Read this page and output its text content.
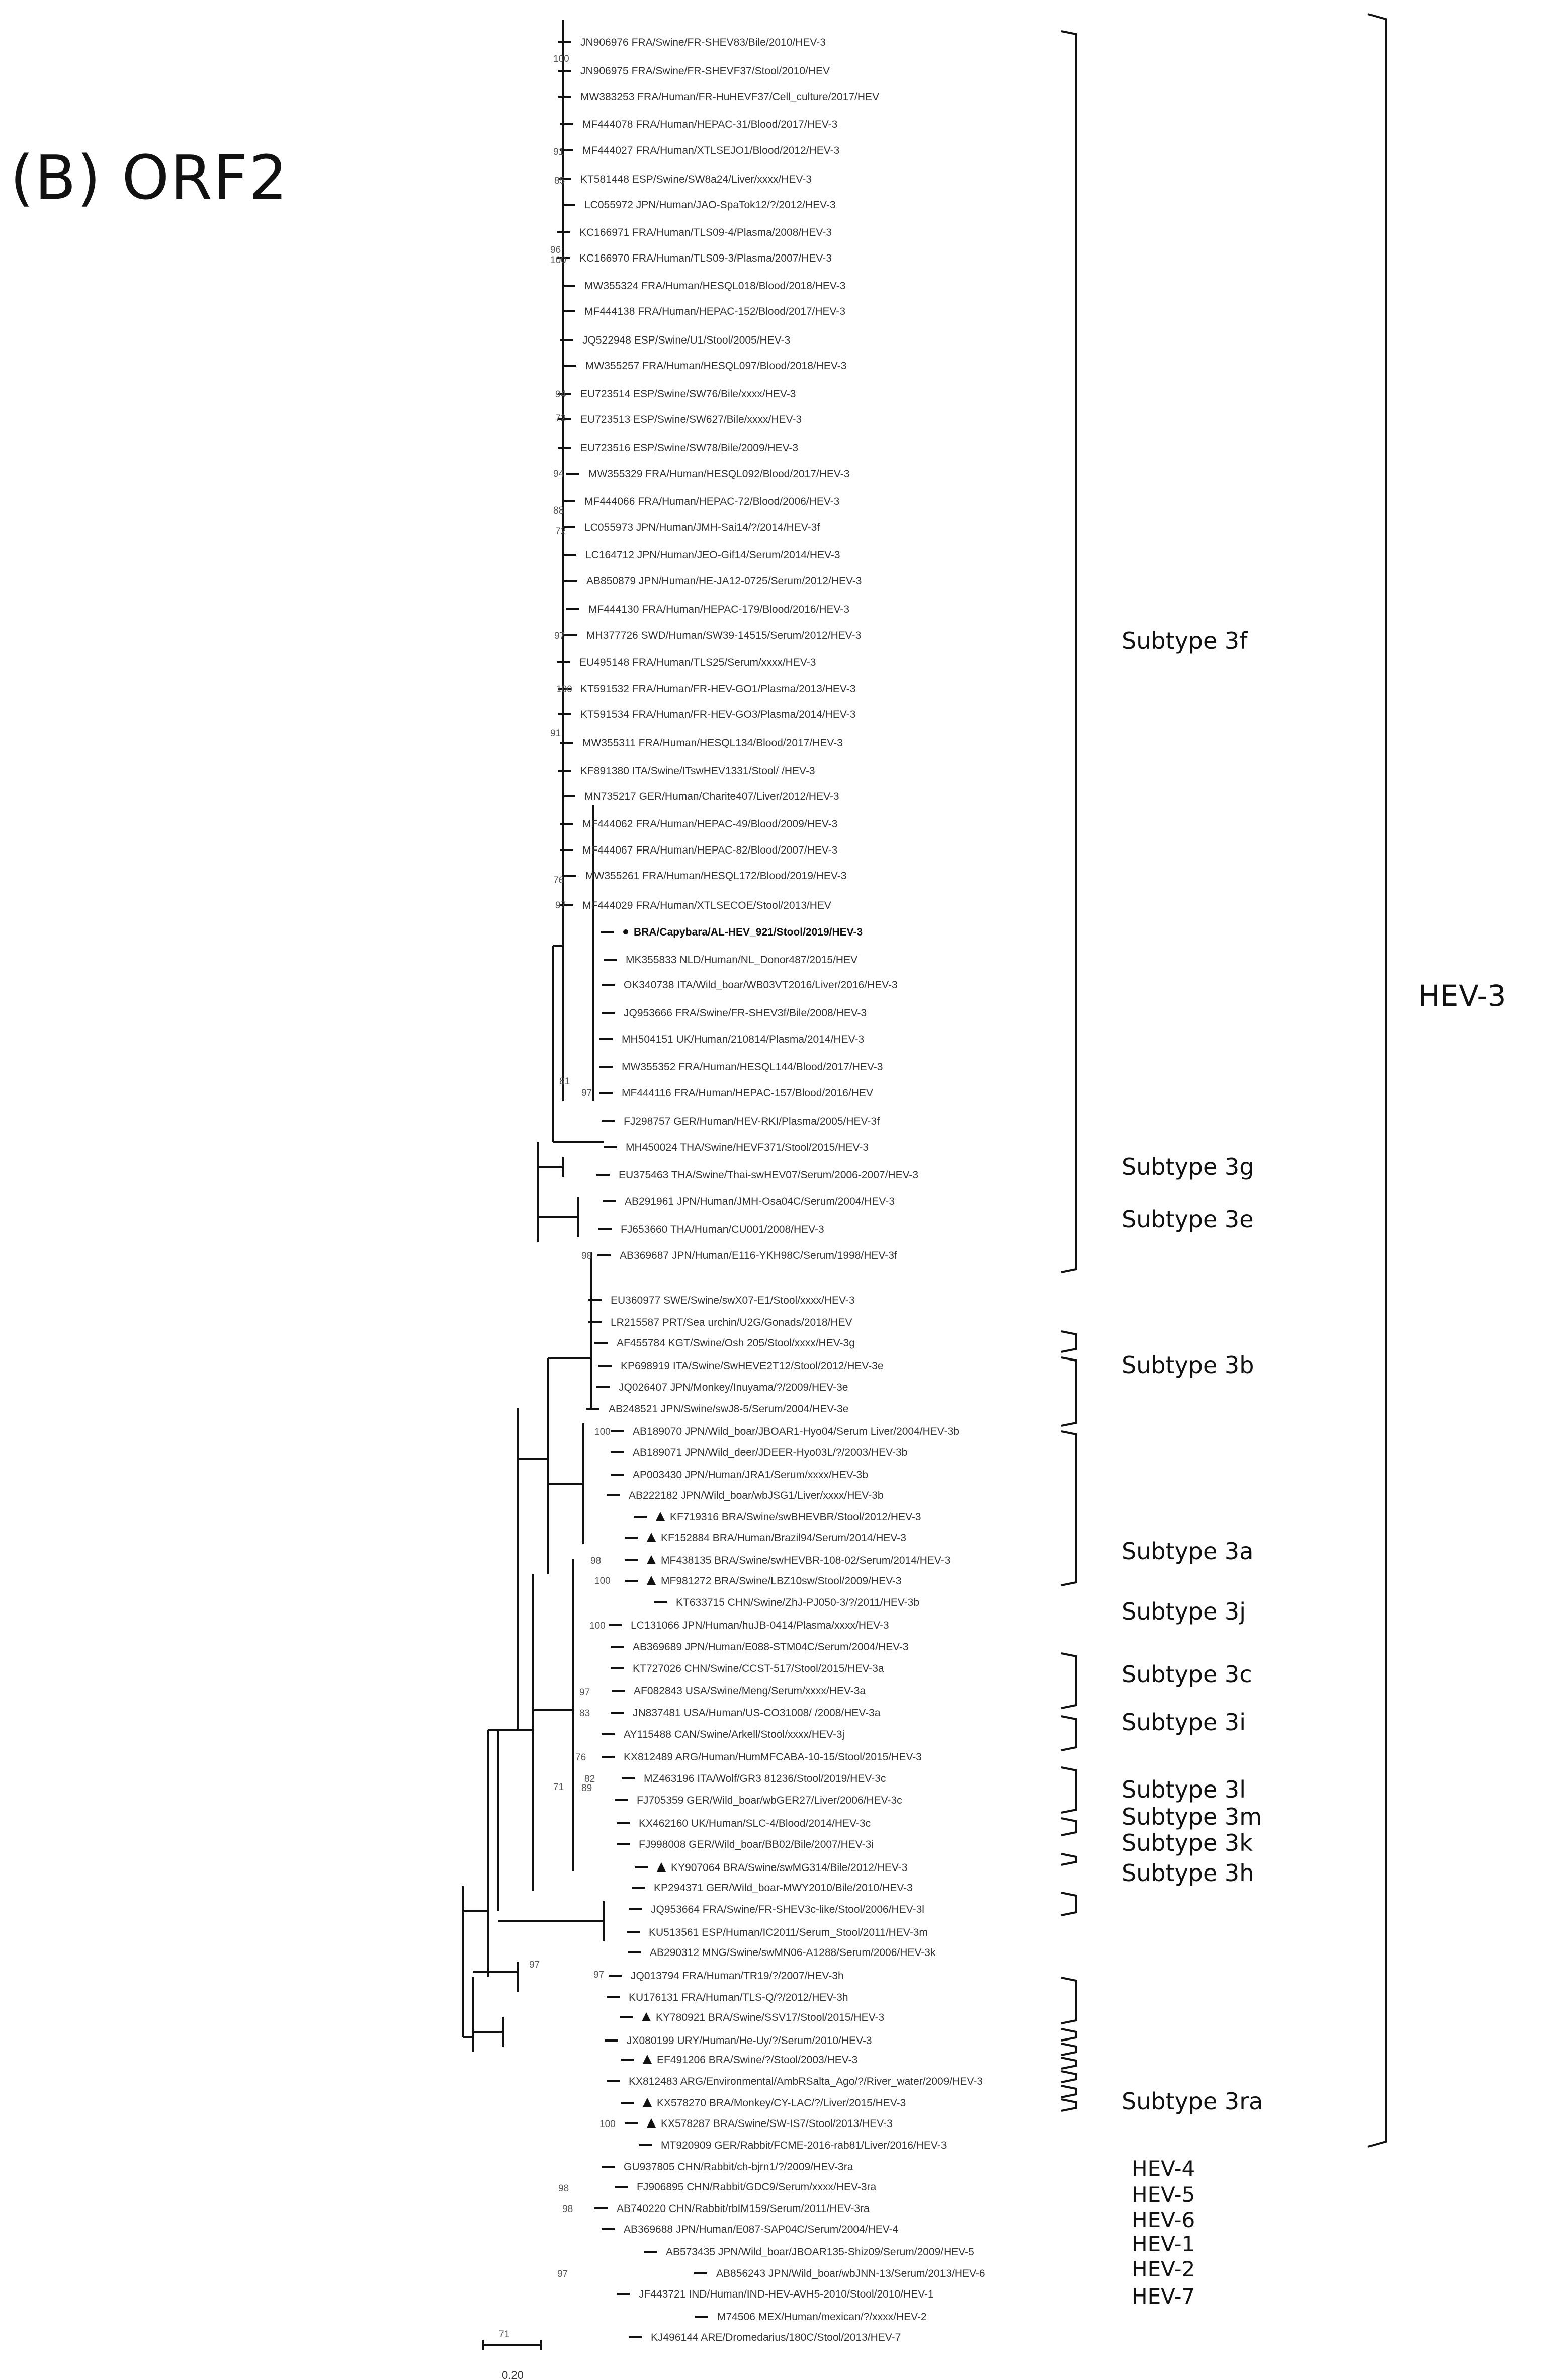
(B) ORF2
JN906976 FRA/Swine/FR-SHEV83/Bile/2010/HEV-3
JN906975 FRA/Swine/FR-SHEVF37/Stool/2010/HEV
MW383253 FRA/Human/FR-HuHEVF37/Cell_culture/2017/HEV
MF444078 FRA/Human/HEPAC-31/Blood/2017/HEV-3
MF444027 FRA/Human/XTLSEJO1/Blood/2012/HEV-3
KT581448 ESP/Swine/SW8a24/Liver/xxxx/HEV-3
LC055972 JPN/Human/JAO-SpaTok12/?/2012/HEV-3
KC166971 FRA/Human/TLS09-4/Plasma/2008/HEV-3
KC166970 FRA/Human/TLS09-3/Plasma/2007/HEV-3
MW355324 FRA/Human/HESQL018/Blood/2018/HEV-3
MF444138 FRA/Human/HEPAC-152/Blood/2017/HEV-3
JQ522948 ESP/Swine/U1/Stool/2005/HEV-3
MW355257 FRA/Human/HESQL097/Blood/2018/HEV-3
EU723514 ESP/Swine/SW76/Bile/xxxx/HEV-3
EU723513 ESP/Swine/SW627/Bile/xxxx/HEV-3
EU723516 ESP/Swine/SW78/Bile/2009/HEV-3
MW355329 FRA/Human/HESQL092/Blood/2017/HEV-3
MF444066 FRA/Human/HEPAC-72/Blood/2006/HEV-3
LC055973 JPN/Human/JMH-Sai14/?/2014/HEV-3f
LC164712 JPN/Human/JEO-Gif14/Serum/2014/HEV-3
AB850879 JPN/Human/HE-JA12-0725/Serum/2012/HEV-3
MF444130 FRA/Human/HEPAC-179/Blood/2016/HEV-3
MH377726 SWD/Human/SW39-14515/Serum/2012/HEV-3
EU495148 FRA/Human/TLS25/Serum/xxxx/HEV-3
KT591532 FRA/Human/FR-HEV-GO1/Plasma/2013/HEV-3
KT591534 FRA/Human/FR-HEV-GO3/Plasma/2014/HEV-3
MW355311 FRA/Human/HESQL134/Blood/2017/HEV-3
KF891380 ITA/Swine/ITswHEV1331/Stool/ /HEV-3
MN735217 GER/Human/Charite407/Liver/2012/HEV-3
MF444062 FRA/Human/HEPAC-49/Blood/2009/HEV-3
MF444067 FRA/Human/HEPAC-82/Blood/2007/HEV-3
MW355261 FRA/Human/HESQL172/Blood/2019/HEV-3
MF444029 FRA/Human/XTLSECOE/Stool/2013/HEV
BRA/Capybara/AL-HEV_921/Stool/2019/HEV-3
MK355833 NLD/Human/NL_Donor487/2015/HEV
OK340738 ITA/Wild_boar/WB03VT2016/Liver/2016/HEV-3
JQ953666 FRA/Swine/FR-SHEV3f/Bile/2008/HEV-3
MH504151 UK/Human/210814/Plasma/2014/HEV-3
MW355352 FRA/Human/HESQL144/Blood/2017/HEV-3
MF444116 FRA/Human/HEPAC-157/Blood/2016/HEV
FJ298757 GER/Human/HEV-RKI/Plasma/2005/HEV-3f
MH450024 THA/Swine/HEVF371/Stool/2015/HEV-3
EU375463 THA/Swine/Thai-swHEV07/Serum/2006-2007/HEV-3
AB291961 JPN/Human/JMH-Osa04C/Serum/2004/HEV-3
FJ653660 THA/Human/CU001/2008/HEV-3
AB369687 JPN/Human/E116-YKH98C/Serum/1998/HEV-3f
EU360977 SWE/Swine/swX07-E1/Stool/xxxx/HEV-3
LR215587 PRT/Sea urchin/U2G/Gonads/2018/HEV
AF455784 KGT/Swine/Osh 205/Stool/xxxx/HEV-3g
KP698919 ITA/Swine/SwHEVE2T12/Stool/2012/HEV-3e
JQ026407 JPN/Monkey/Inuyama/?/2009/HEV-3e
AB248521 JPN/Swine/swJ8-5/Serum/2004/HEV-3e
AB189070 JPN/Wild_boar/JBOAR1-Hyo04/Serum Liver/2004/HEV-3b
AB189071 JPN/Wild_deer/JDEER-Hyo03L/?/2003/HEV-3b
AP003430 JPN/Human/JRA1/Serum/xxxx/HEV-3b
AB222182 JPN/Wild_boar/wbJSG1/Liver/xxxx/HEV-3b
KF719316 BRA/Swine/swBHEVBR/Stool/2012/HEV-3
KF152884 BRA/Human/Brazil94/Serum/2014/HEV-3
MF438135 BRA/Swine/swHEVBR-108-02/Serum/2014/HEV-3
MF981272 BRA/Swine/LBZ10sw/Stool/2009/HEV-3
KT633715 CHN/Swine/ZhJ-PJ050-3/?/2011/HEV-3b
LC131066 JPN/Human/huJB-0414/Plasma/xxxx/HEV-3
AB369689 JPN/Human/E088-STM04C/Serum/2004/HEV-3
KT727026 CHN/Swine/CCST-517/Stool/2015/HEV-3a
AF082843 USA/Swine/Meng/Serum/xxxx/HEV-3a
JN837481 USA/Human/US-CO31008/ /2008/HEV-3a
AY115488 CAN/Swine/Arkell/Stool/xxxx/HEV-3j
KX812489 ARG/Human/HumMFCABA-10-15/Stool/2015/HEV-3
MZ463196 ITA/Wolf/GR3 81236/Stool/2019/HEV-3c
FJ705359 GER/Wild_boar/wbGER27/Liver/2006/HEV-3c
KX462160 UK/Human/SLC-4/Blood/2014/HEV-3c
FJ998008 GER/Wild_boar/BB02/Bile/2007/HEV-3i
KY907064 BRA/Swine/swMG314/Bile/2012/HEV-3
KP294371 GER/Wild_boar-MWY2010/Bile/2010/HEV-3
JQ953664 FRA/Swine/FR-SHEV3c-like/Stool/2006/HEV-3l
KU513561 ESP/Human/IC2011/Serum_Stool/2011/HEV-3m
AB290312 MNG/Swine/swMN06-A1288/Serum/2006/HEV-3k
JQ013794 FRA/Human/TR19/?/2007/HEV-3h
KU176131 FRA/Human/TLS-Q/?/2012/HEV-3h
KY780921 BRA/Swine/SSV17/Stool/2015/HEV-3
JX080199 URY/Human/He-Uy/?/Serum/2010/HEV-3
EF491206 BRA/Swine/?/Stool/2003/HEV-3
KX812483 ARG/Environmental/AmbRSalta_Ago/?/River_water/2009/HEV-3
KX578270 BRA/Monkey/CY-LAC/?/Liver/2015/HEV-3
KX578287 BRA/Swine/SW-IS7/Stool/2013/HEV-3
MT920909 GER/Rabbit/FCME-2016-rab81/Liver/2016/HEV-3
GU937805 CHN/Rabbit/ch-bjrn1/?/2009/HEV-3ra
FJ906895 CHN/Rabbit/GDC9/Serum/xxxx/HEV-3ra
AB740220 CHN/Rabbit/rbIM159/Serum/2011/HEV-3ra
AB369688 JPN/Human/E087-SAP04C/Serum/2004/HEV-4
AB573435 JPN/Wild_boar/JBOAR135-Shiz09/Serum/2009/HEV-5
AB856243 JPN/Wild_boar/wbJNN-13/Serum/2013/HEV-6
JF443721 IND/Human/IND-HEV-AVH5-2010/Stool/2010/HEV-1
M74506 MEX/Human/mexican/?/xxxx/HEV-2
KJ496144 ARE/Dromedarius/180C/Stool/2013/HEV-7
100
91
85
96
100
94
72
94
88
72
97
100
91
76
97
81
97
98
100
98
100
100
97
83
76
82
71 89
97
97
100
98
98
97
71
Subtype 3f
Subtype 3g
Subtype 3e
Subtype 3b
Subtype 3a
Subtype 3j
Subtype 3c
Subtype 3i
Subtype 3l
Subtype 3m
Subtype 3k
Subtype 3h
Subtype 3ra
HEV-4
HEV-5
HEV-6
HEV-1
HEV-2
HEV-7
HEV-3
0.20
